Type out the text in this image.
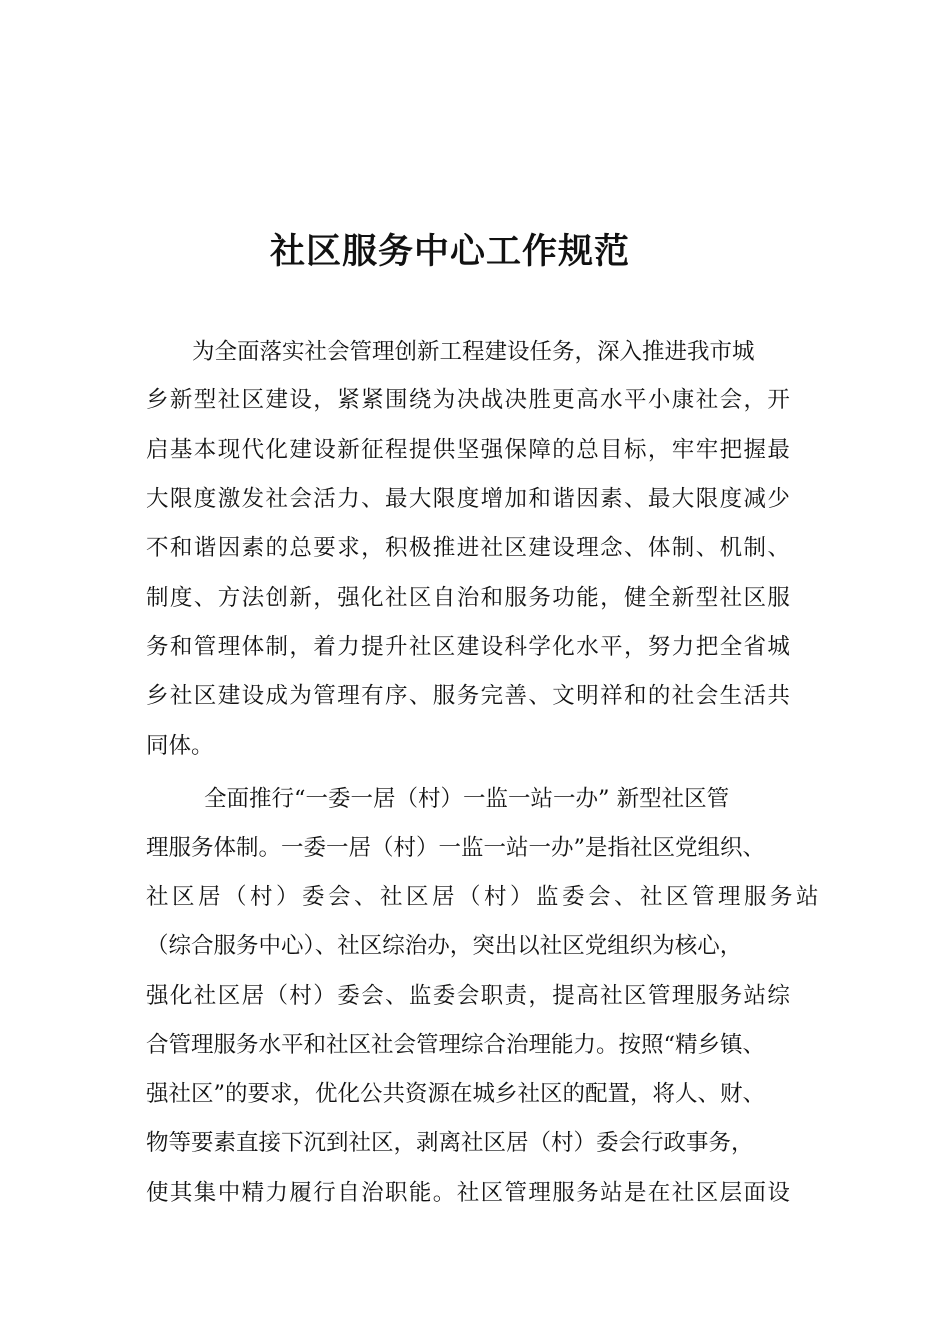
社区服务中心工作规范

为全面落实社会管理创新工程建设任务，深入推进我市城

乡新型社区建设，紧紧围绕为决战决胜更高水平小康社会，开

启基本现代化建设新征程提供坚强保障的总目标，牢牢把握最

大限度激发社会活力、最大限度增加和谐因素、最大限度减少

不和谐因素的总要求，积极推进社区建设理念、体制、机制、

制度、方法创新，强化社区自治和服务功能，健全新型社区服

务和管理体制，着力提升社区建设科学化水平，努力把全省城

乡社区建设成为管理有序、服务完善、文明祥和的社会生活共

同体。

全面推行“一委一居（村）一监一站一办” 新型社区管

理服务体制。一委一居（村）一监一站一办”是指社区党组织、

社区居（村）委会、社区居（村）监委会、社区管理服务站

（综合服务中心）、社区综治办，突出以社区党组织为核心，

强化社区居（村）委会、监委会职责，提高社区管理服务站综

合管理服务水平和社区社会管理综合治理能力。按照“精乡镇、

强社区”的要求，优化公共资源在城乡社区的配置，将人、财、

物等要素直接下沉到社区，剥离社区居（村）委会行政事务，

使其集中精力履行自治职能。社区管理服务站是在社区层面设
